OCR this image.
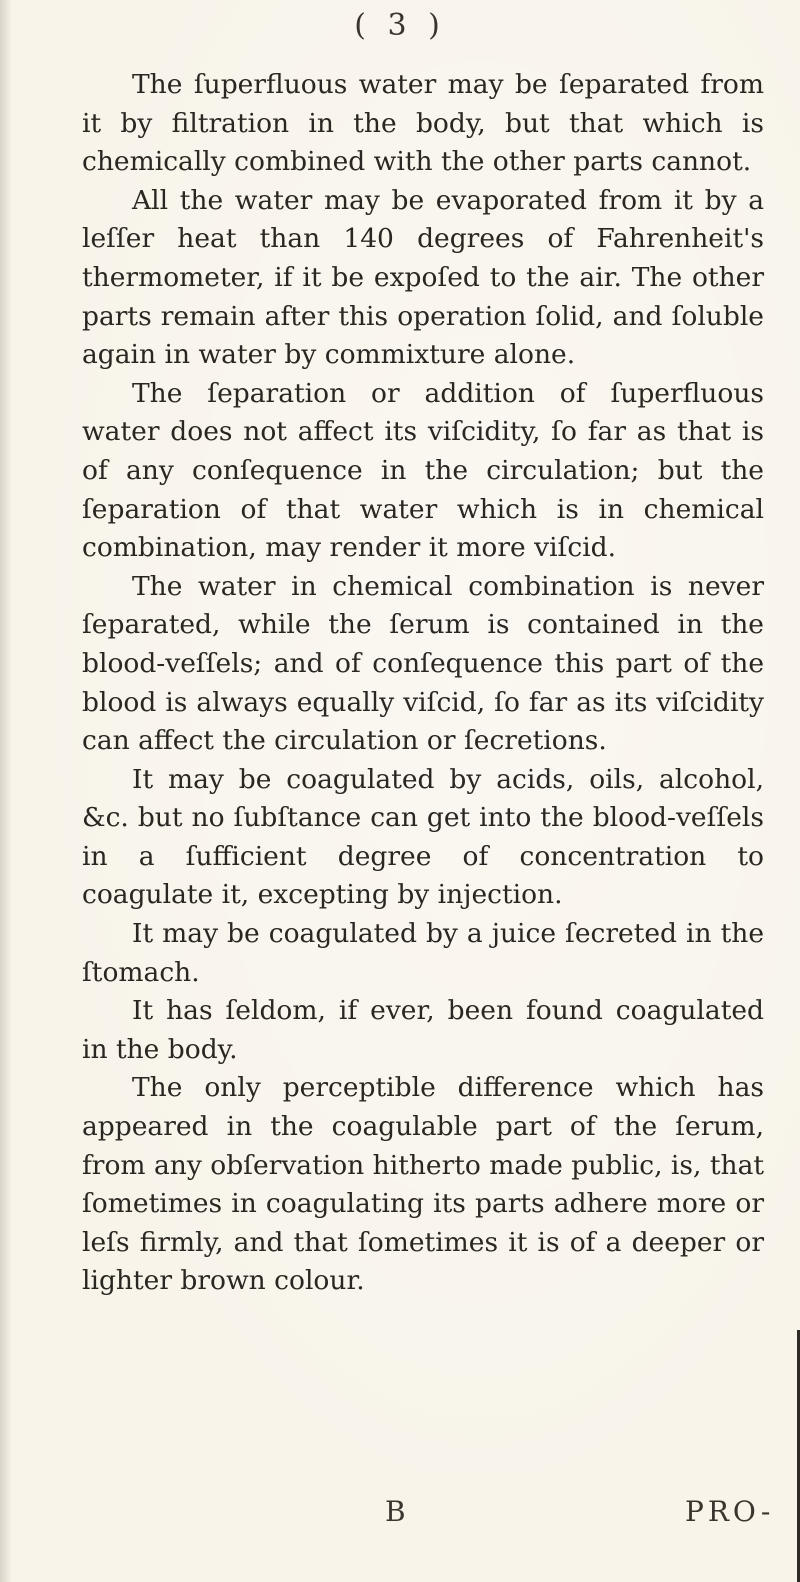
( 3 )

The ſuperfluous water may be ſeparated from it by filtration in the body, but that which is chemically combined with the other parts cannot.

All the water may be evaporated from it by a leſſer heat than 140 degrees of Fahrenheit's thermometer, if it be expoſed to the air. The other parts remain after this operation ſolid, and ſoluble again in water by commixture alone.

The ſeparation or addition of ſuperfluous water does not affect its viſcidity, ſo far as that is of any conſequence in the circulation; but the ſeparation of that water which is in chemical combination, may render it more viſcid.

The water in chemical combination is never ſeparated, while the ſerum is contained in the blood-veſſels; and of conſequence this part of the blood is always equally viſcid, ſo far as its viſcidity can affect the circulation or ſecretions.

It may be coagulated by acids, oils, alcohol, &c. but no ſubſtance can get into the blood-veſſels in a ſufficient degree of concentration to coagulate it, excepting by injection.

It may be coagulated by a juice ſecreted in the ſtomach.

It has ſeldom, if ever, been found coagulated in the body.

The only perceptible difference which has appeared in the coagulable part of the ſerum, from any obſervation hitherto made public, is, that ſometimes in coagulating its parts adhere more or leſs firmly, and that ſometimes it is of a deeper or lighter brown colour.

B	PRO-
